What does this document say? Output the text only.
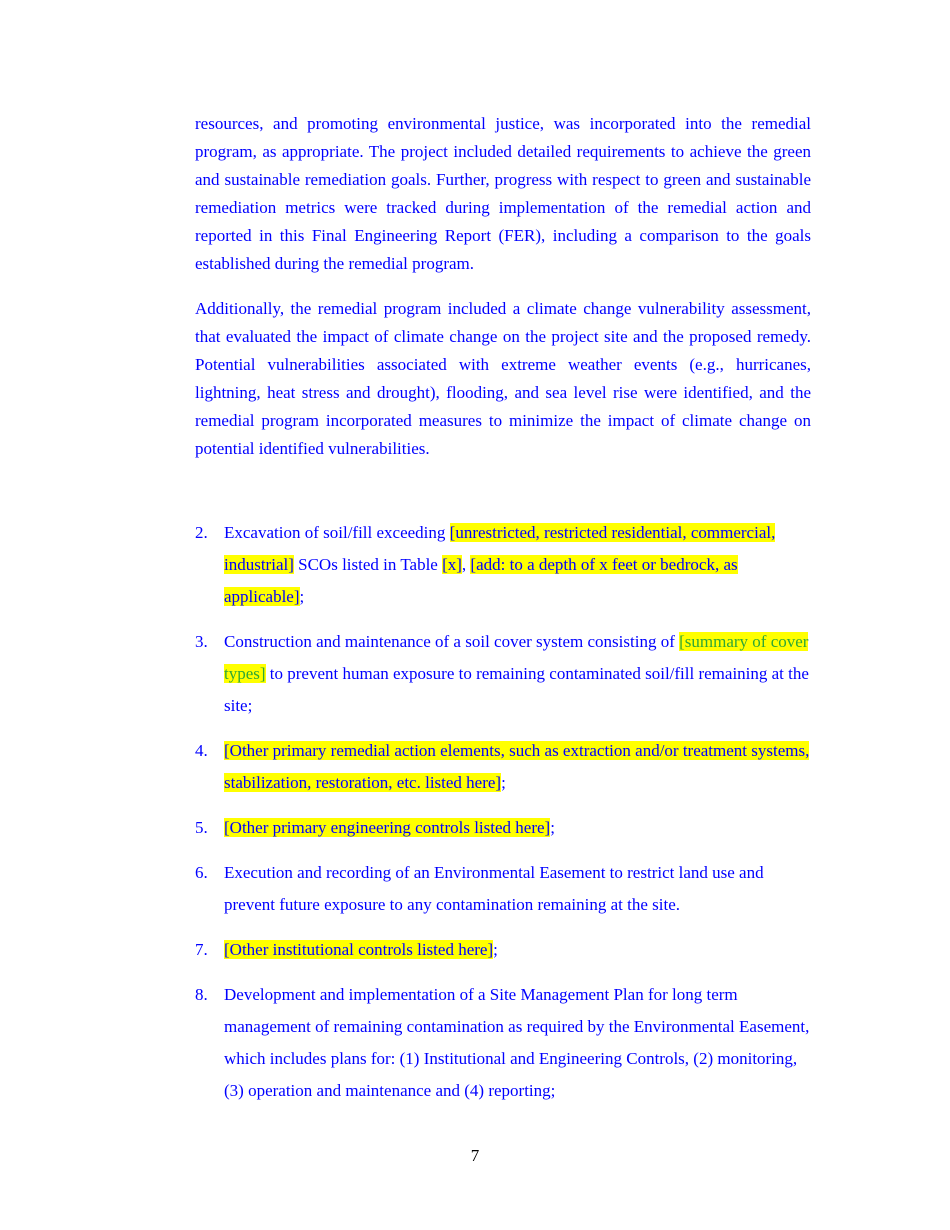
resources, and promoting environmental justice, was incorporated into the remedial program, as appropriate. The project included detailed requirements to achieve the green and sustainable remediation goals. Further, progress with respect to green and sustainable remediation metrics were tracked during implementation of the remedial action and reported in this Final Engineering Report (FER), including a comparison to the goals established during the remedial program.

Additionally, the remedial program included a climate change vulnerability assessment, that evaluated the impact of climate change on the project site and the proposed remedy. Potential vulnerabilities associated with extreme weather events (e.g., hurricanes, lightning, heat stress and drought), flooding, and sea level rise were identified, and the remedial program incorporated measures to minimize the impact of climate change on potential identified vulnerabilities.

2. Excavation of soil/fill exceeding [unrestricted, restricted residential, commercial, industrial] SCOs listed in Table [x], [add: to a depth of x feet or bedrock, as applicable];
3. Construction and maintenance of a soil cover system consisting of [summary of cover types] to prevent human exposure to remaining contaminated soil/fill remaining at the site;
4. [Other primary remedial action elements, such as extraction and/or treatment systems, stabilization, restoration, etc. listed here];
5. [Other primary engineering controls listed here];
6. Execution and recording of an Environmental Easement to restrict land use and prevent future exposure to any contamination remaining at the site.
7. [Other institutional controls listed here];
8. Development and implementation of a Site Management Plan for long term management of remaining contamination as required by the Environmental Easement, which includes plans for: (1) Institutional and Engineering Controls, (2) monitoring, (3) operation and maintenance and (4) reporting;
7
